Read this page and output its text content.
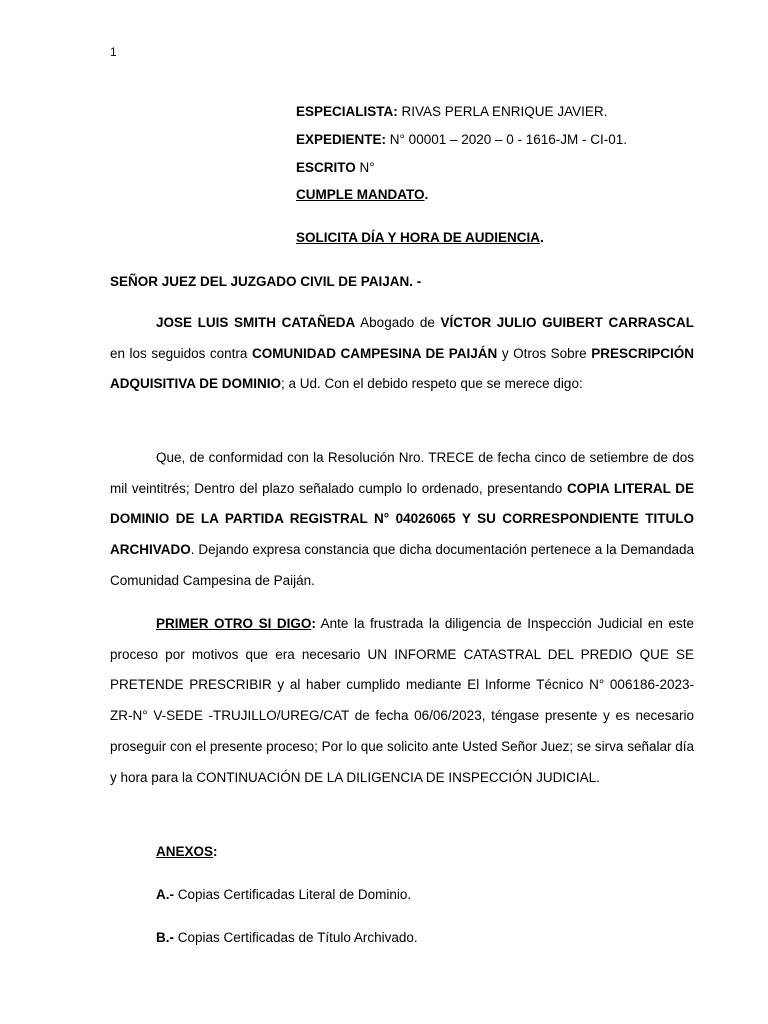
1
ESPECIALISTA: RIVAS PERLA ENRIQUE JAVIER.
EXPEDIENTE: N° 00001 – 2020 – 0 - 1616-JM - CI-01.
ESCRITO N°
CUMPLE MANDATO.
SOLICITA DÍA Y HORA DE AUDIENCIA.
SEÑOR JUEZ DEL JUZGADO CIVIL DE PAIJAN. -

JOSE LUIS SMITH CATAÑEDA Abogado de VÍCTOR JULIO GUIBERT CARRASCAL en los seguidos contra COMUNIDAD CAMPESINA DE PAIJÁN y Otros Sobre PRESCRIPCIÓN ADQUISITIVA DE DOMINIO; a Ud. Con el debido respeto que se merece digo:

Que, de conformidad con la Resolución Nro. TRECE de fecha cinco de setiembre de dos mil veintitrés; Dentro del plazo señalado cumplo lo ordenado, presentando COPIA LITERAL DE DOMINIO DE LA PARTIDA REGISTRAL N° 04026065 Y SU CORRESPONDIENTE TITULO ARCHIVADO. Dejando expresa constancia que dicha documentación pertenece a la Demandada Comunidad Campesina de Paiján.

PRIMER OTRO SI DIGO: Ante la frustrada la diligencia de Inspección Judicial en este proceso por motivos que era necesario UN INFORME CATASTRAL DEL PREDIO QUE SE PRETENDE PRESCRIBIR y al haber cumplido mediante El Informe Técnico N° 006186-2023-ZR-N° V-SEDE -TRUJILLO/UREG/CAT de fecha 06/06/2023, téngase presente y es necesario proseguir con el presente proceso; Por lo que solicito ante Usted Señor Juez; se sirva señalar día y hora para la CONTINUACIÓN DE LA DILIGENCIA DE INSPECCIÓN JUDICIAL.

ANEXOS:
A.- Copias Certificadas Literal de Dominio.
B.- Copias Certificadas de Título Archivado.
